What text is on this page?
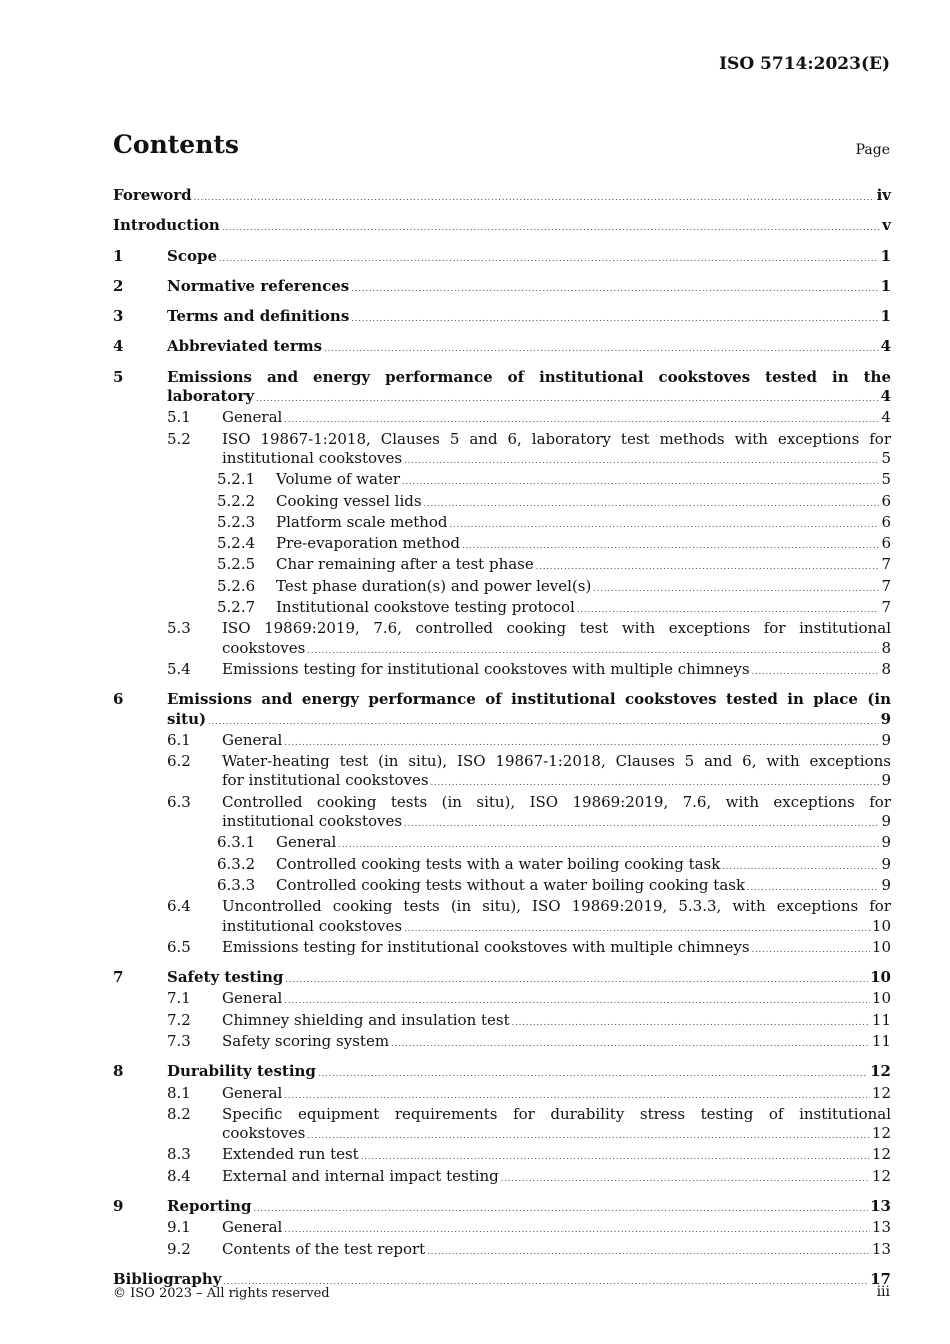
ISO 5714:2023(E)
Contents	Page
Foreword .....	iv
Introduction .....	v
1	Scope .....	1
2	Normative references .....	1
3	Terms and definitions .....	1
4	Abbreviated terms .....	4
5	Emissions and energy performance of institutional cookstoves tested in the
laboratory .....	4
5.1 General .....	4
5.2 ISO 19867-1:2018, Clauses 5 and 6, laboratory test methods with exceptions for
institutional cookstoves .....	5
5.2.1 Volume of water .....	5
5.2.2 Cooking vessel lids .....	6
5.2.3 Platform scale method .....	6
5.2.4 Pre-evaporation method .....	6
5.2.5 Char remaining after a test phase .....	7
5.2.6 Test phase duration(s) and power level(s) .....	7
5.2.7 Institutional cookstove testing protocol .....	7
5.3 ISO 19869:2019, 7.6, controlled cooking test with exceptions for institutional
cookstoves .....	8
5.4 Emissions testing for institutional cookstoves with multiple chimneys .....	8
6	Emissions and energy performance of institutional cookstoves tested in place (in
situ) .....	9
6.1 General .....	9
6.2 Water-heating test (in situ), ISO 19867-1:2018, Clauses 5 and 6, with exceptions
for institutional cookstoves .....	9
6.3 Controlled cooking tests (in situ), ISO 19869:2019, 7.6, with exceptions for
institutional cookstoves .....	9
6.3.1 General .....	9
6.3.2 Controlled cooking tests with a water boiling cooking task .....	9
6.3.3 Controlled cooking tests without a water boiling cooking task .....	9
6.4 Uncontrolled cooking tests (in situ), ISO 19869:2019, 5.3.3, with exceptions for
institutional cookstoves .....	10
6.5 Emissions testing for institutional cookstoves with multiple chimneys .....	10
7	Safety testing .....	10
7.1 General .....	10
7.2 Chimney shielding and insulation test .....	11
7.3 Safety scoring system .....	11
8	Durability testing .....	12
8.1 General .....	12
8.2 Specific equipment requirements for durability stress testing of institutional
cookstoves .....	12
8.3 Extended run test .....	12
8.4 External and internal impact testing .....	12
9	Reporting .....	13
9.1 General .....	13
9.2 Contents of the test report .....	13
Bibliography .....	17
© ISO 2023 – All rights reserved	iii
